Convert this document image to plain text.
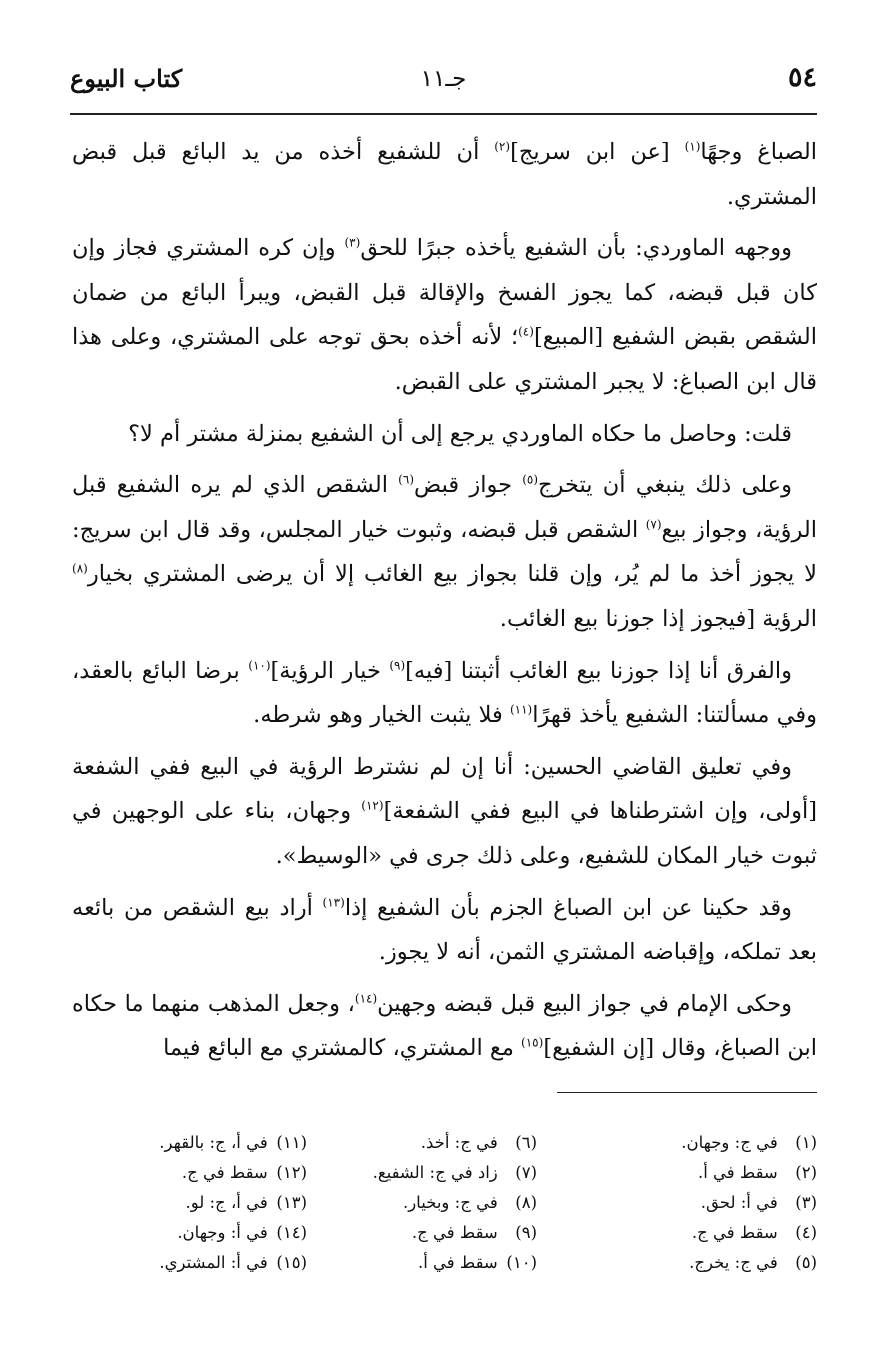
٥٤
جـ١١
كتاب البيوع

الصباغ وجهًا$^{(١)}$ [عن ابن سريج]$^{(٢)}$ أن للشفيع أخذه من يد البائع قبل قبض المشتري.

ووجهه الماوردي: بأن الشفيع يأخذه جبرًا للحق$^{(٣)}$ وإن كره المشتري فجاز وإن كان قبل قبضه، كما يجوز الفسخ والإقالة قبل القبض، ويبرأ البائع من ضمان الشقص بقبض الشفيع [المبيع]$^{(٤)}$؛ لأنه أخذه بحق توجه على المشتري، وعلى هذا قال ابن الصباغ: لا يجبر المشتري على القبض.

قلت: وحاصل ما حكاه الماوردي يرجع إلى أن الشفيع بمنزلة مشتر أم لا؟

وعلى ذلك ينبغي أن يتخرج$^{(٥)}$ جواز قبض$^{(٦)}$ الشقص الذي لم يره الشفيع قبل الرؤية، وجواز بيع$^{(٧)}$ الشقص قبل قبضه، وثبوت خيار المجلس، وقد قال ابن سريج: لا يجوز أخذ ما لم يُر، وإن قلنا بجواز بيع الغائب إلا أن يرضى المشتري بخيار$^{(٨)}$ الرؤية [فيجوز إذا جوزنا بيع الغائب.

والفرق أنا إذا جوزنا بيع الغائب أثبتنا [فيه]$^{(٩)}$ خيار الرؤية]$^{(١٠)}$ برضا البائع بالعقد، وفي مسألتنا: الشفيع يأخذ قهرًا$^{(١١)}$ فلا يثبت الخيار وهو شرطه.

وفي تعليق القاضي الحسين: أنا إن لم نشترط الرؤية في البيع ففي الشفعة [أولى، وإن اشترطناها في البيع ففي الشفعة]$^{(١٢)}$ وجهان، بناء على الوجهين في ثبوت خيار المكان للشفيع، وعلى ذلك جرى في «الوسيط».

وقد حكينا عن ابن الصباغ الجزم بأن الشفيع إذا$^{(١٣)}$ أراد بيع الشقص من بائعه بعد تملكه، وإقباضه المشتري الثمن، أنه لا يجوز.

وحكى الإمام في جواز البيع قبل قبضه وجهين$^{(١٤)}$، وجعل المذهب منهما ما حكاه ابن الصباغ، وقال [إن الشفيع]$^{(١٥)}$ مع المشتري، كالمشتري مع البائع فيما

(١) في ج: وجهان.
(٢) سقط في أ.
(٣) في أ: لحق.
(٤) سقط في ج.
(٥) في ج: يخرج.
(٦) في ج: أخذ.
(٧) زاد في ج: الشفيع.
(٨) في ج: وبخيار.
(٩) سقط في ج.
(١٠) سقط في أ.
(١١) في أ، ج: بالقهر.
(١٢) سقط في ج.
(١٣) في أ، ج: لو.
(١٤) في أ: وجهان.
(١٥) في أ: المشتري.
